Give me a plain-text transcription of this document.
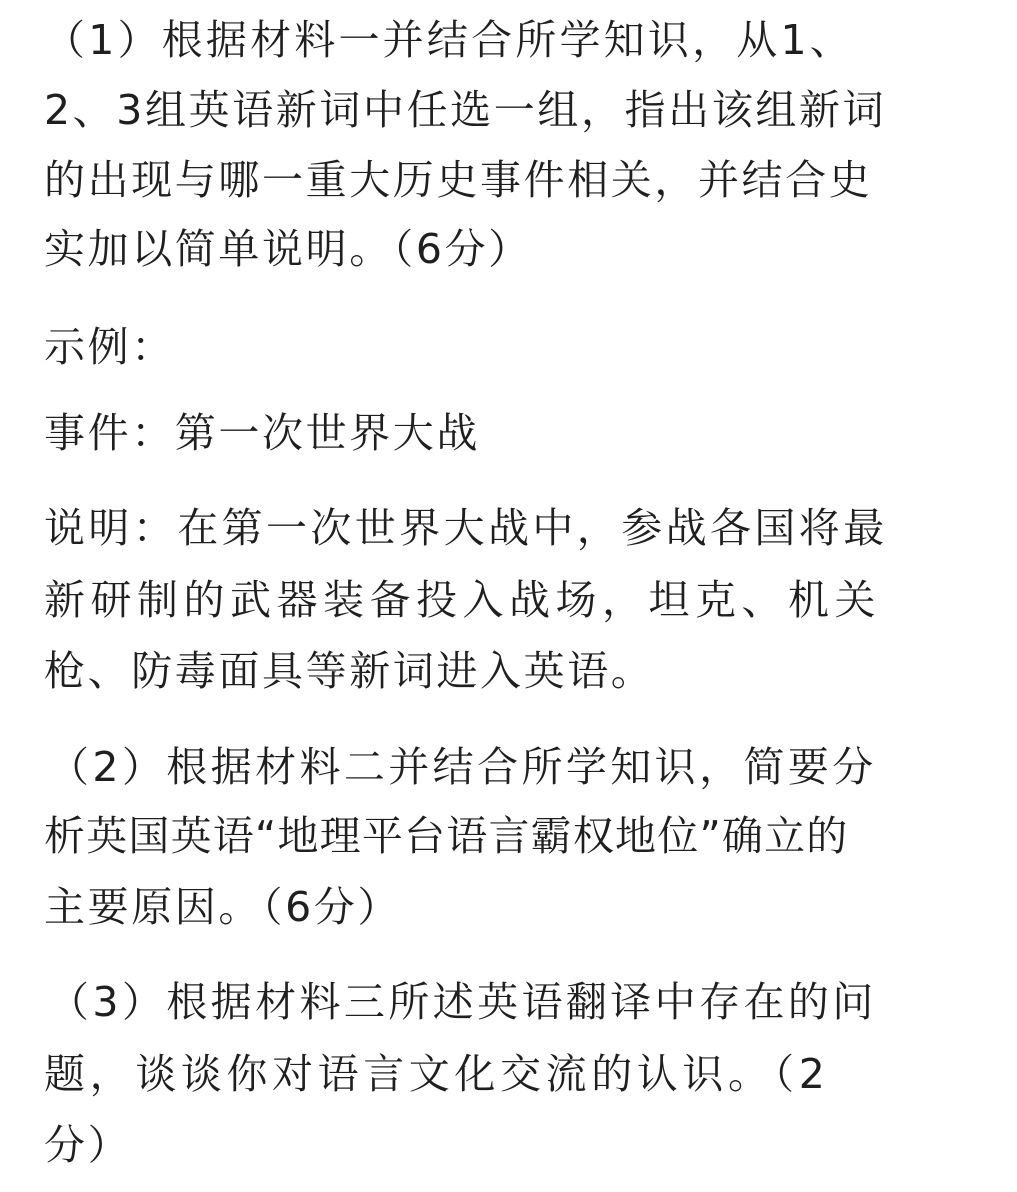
（1）根据材料一并结合所学知识，从1、
2、3组英语新词中任选一组，指出该组新词
的出现与哪一重大历史事件相关，并结合史
实加以简单说明。（6分）
示例：
事件：第一次世界大战
说明：在第一次世界大战中，参战各国将最
新研制的武器装备投入战场，坦克、机关
枪、防毒面具等新词进入英语。
（2）根据材料二并结合所学知识，简要分
析英国英语“地理平台语言霸权地位”确立的
主要原因。（6分）
（3）根据材料三所述英语翻译中存在的问
题，谈谈你对语言文化交流的认识。（2
分）
